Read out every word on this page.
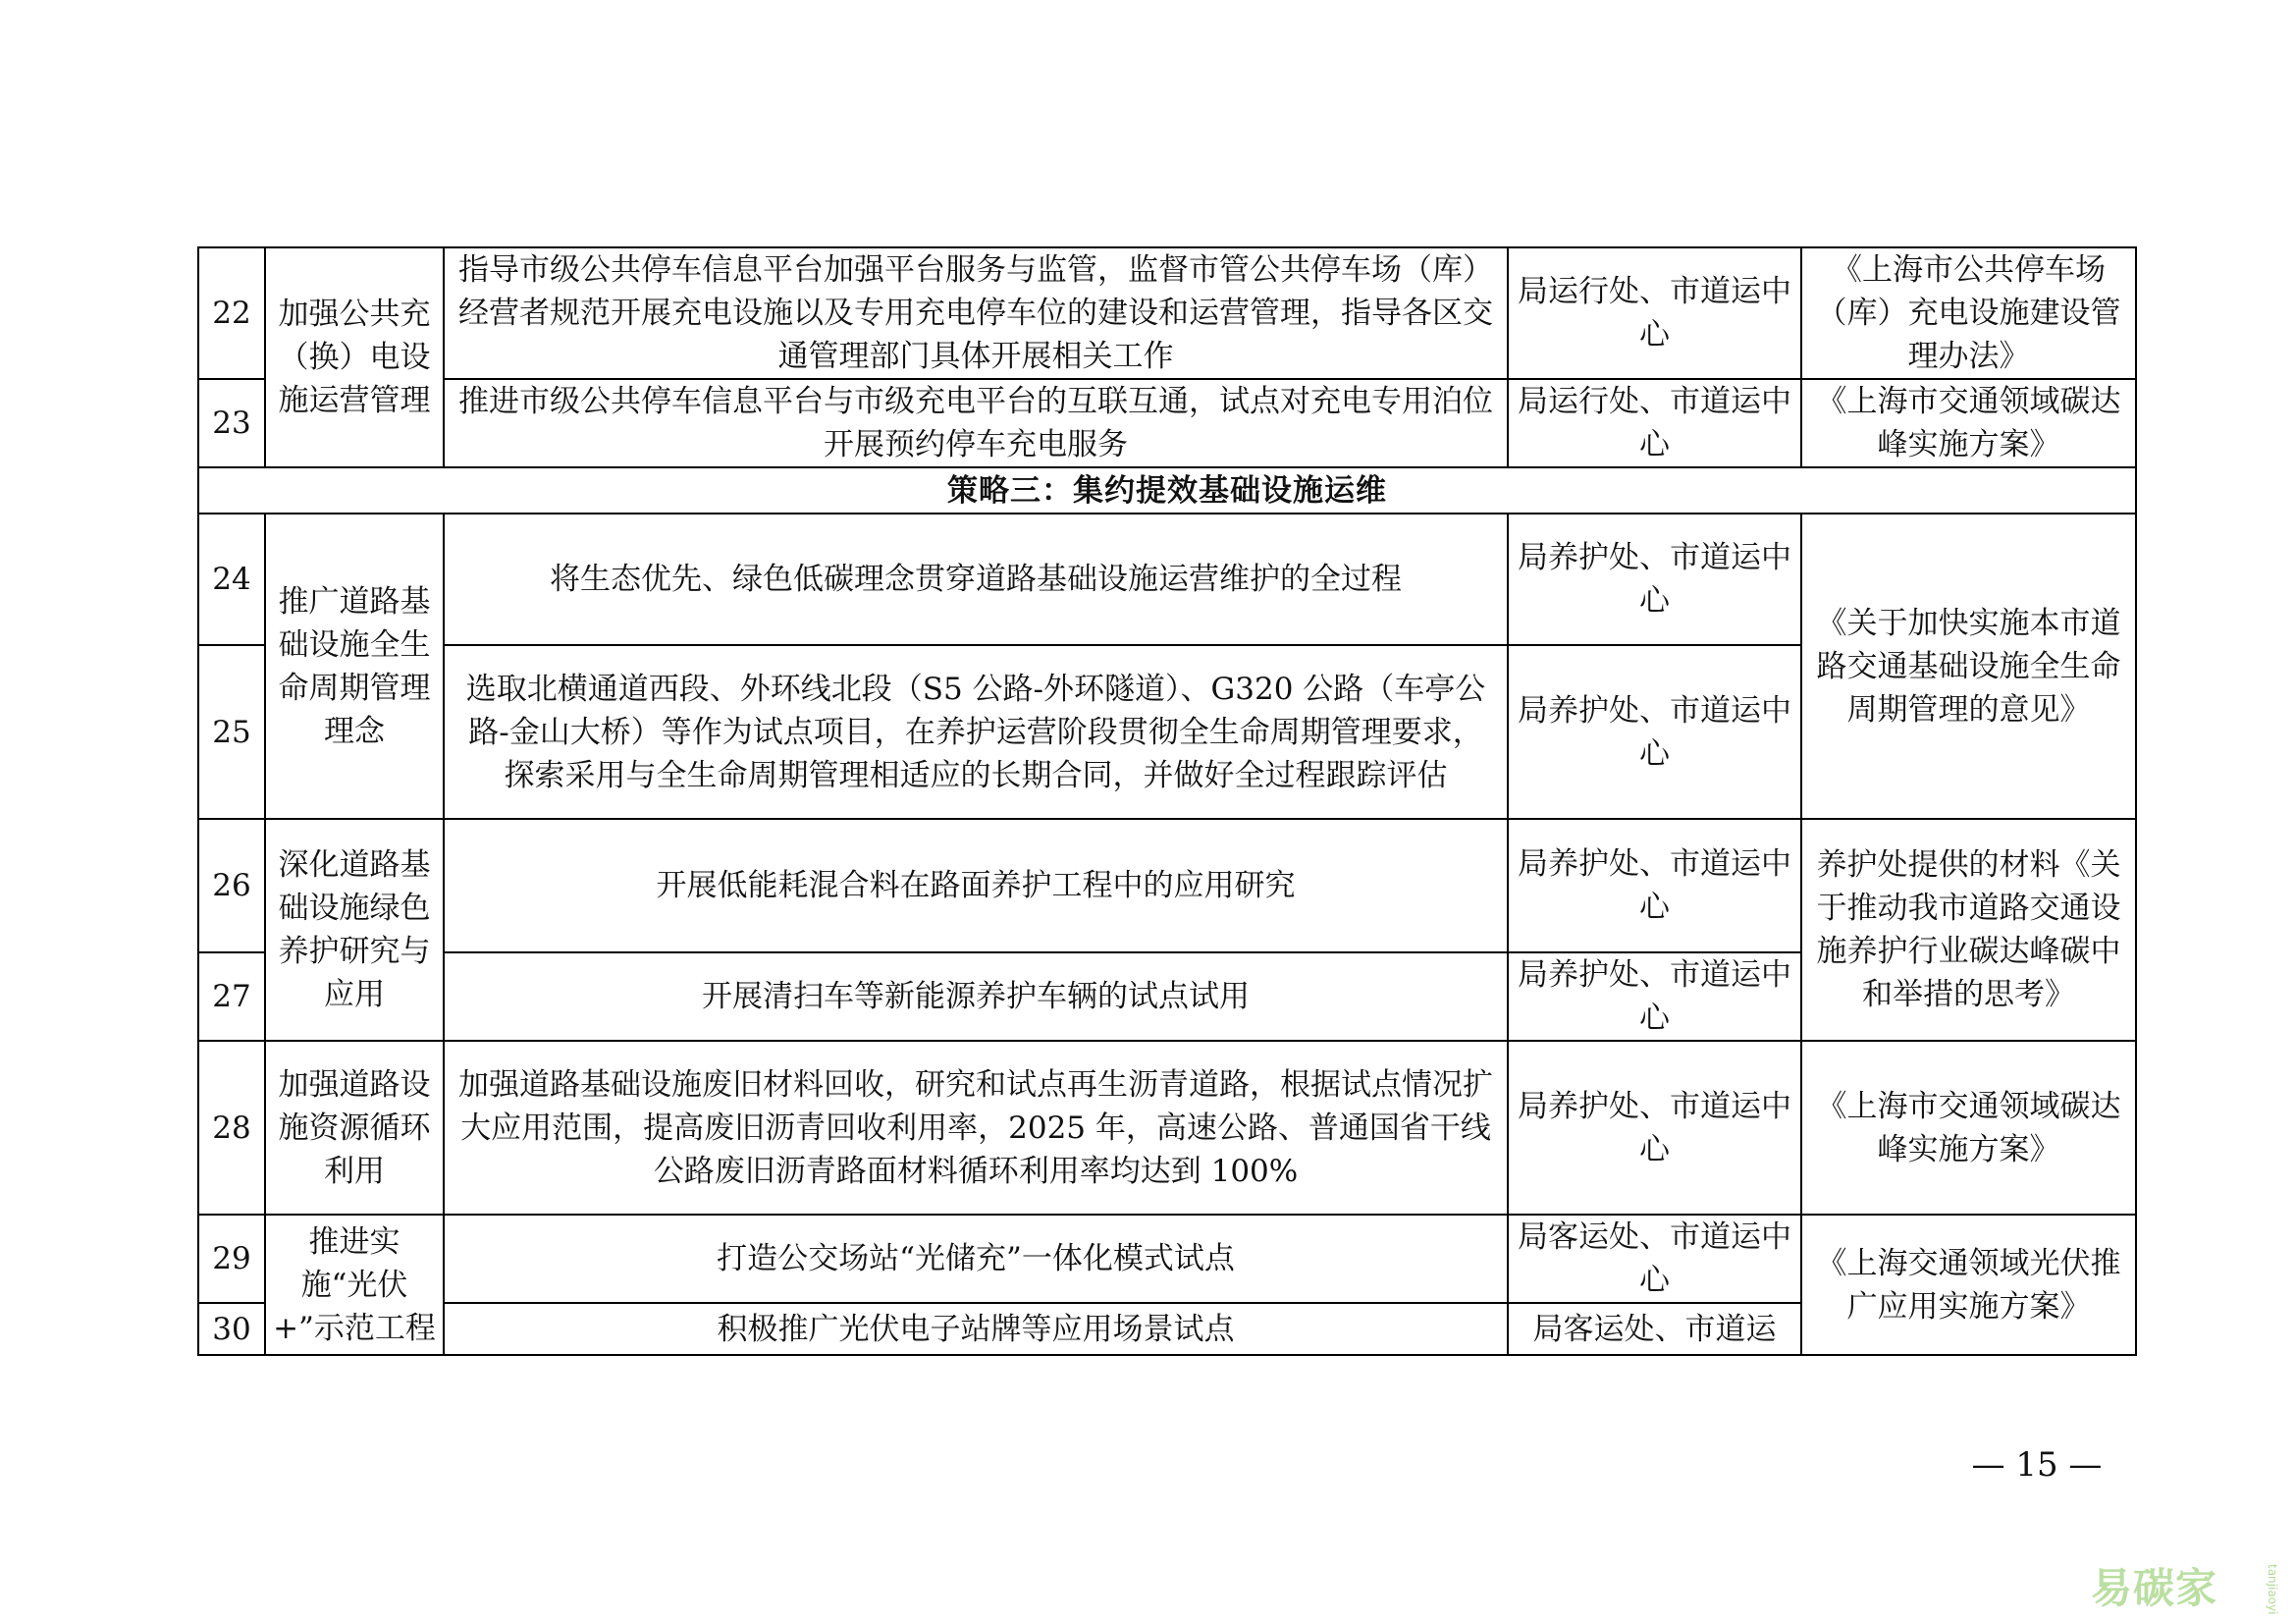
22	加强公共充（换）电设施运营管理	指导市级公共停车信息平台加强平台服务与监管，监督市管公共停车场（库）经营者规范开展充电设施以及专用充电停车位的建设和运营管理，指导各区交通管理部门具体开展相关工作	局运行处、市道运中心	《上海市公共停车场（库）充电设施建设管理办法》
23		推进市级公共停车信息平台与市级充电平台的互联互通，试点对充电专用泊位开展预约停车充电服务	局运行处、市道运中心	《上海市交通领域碳达峰实施方案》
策略三：集约提效基础设施运维				
24	推广道路基础设施全生命周期管理理念	将生态优先、绿色低碳理念贯穿道路基础设施运营维护的全过程	局养护处、市道运中心	《关于加快实施本市道路交通基础设施全生命周期管理的意见》
25		选取北横通道西段、外环线北段（S5 公路-外环隧道）、G320 公路（车亭公路-金山大桥）等作为试点项目，在养护运营阶段贯彻全生命周期管理要求，探索采用与全生命周期管理相适应的长期合同，并做好全过程跟踪评估	局养护处、市道运中心	
26	深化道路基础设施绿色养护研究与应用	开展低能耗混合料在路面养护工程中的应用研究	局养护处、市道运中心	养护处提供的材料《关于推动我市道路交通设施养护行业碳达峰碳中和举措的思考》
27		开展清扫车等新能源养护车辆的试点试用	局养护处、市道运中心	
28	加强道路设施资源循环利用	加强道路基础设施废旧材料回收，研究和试点再生沥青道路，根据试点情况扩大应用范围，提高废旧沥青回收利用率，2025 年，高速公路、普通国省干线公路废旧沥青路面材料循环利用率均达到 100%	局养护处、市道运中心	《上海市交通领域碳达峰实施方案》
29	推进实施“光伏+”示范工程	打造公交场站“光储充”一体化模式试点	局客运处、市道运中心	《上海交通领域光伏推广应用实施方案》
30		积极推广光伏电子站牌等应用场景试点	局客运处、市道运	
— 15 —
易碳家	tanjiaoyi
